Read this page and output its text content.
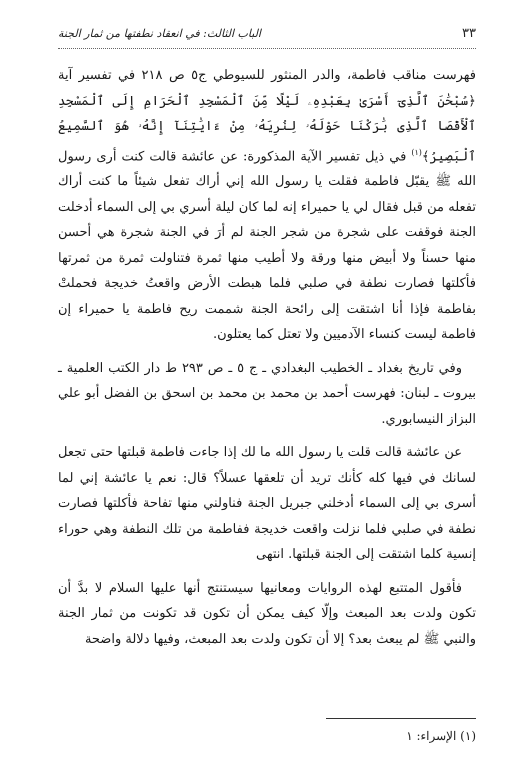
٣٣
الباب الثالث: في انعقاد نطفتها من ثمار الجنة

فهرست مناقب فاطمة، والدر المنثور للسيوطي ج٥ ص ٢١٨ في تفسير آية ﴿سُبْحَٰنَ ٱلَّذِىٓ أَسْرَىٰ بِعَبْدِهِۦ لَيْلًا مِّنَ ٱلْمَسْجِدِ ٱلْحَرَامِ إِلَى ٱلْمَسْجِدِ ٱلْأَقْصَا ٱلَّذِى بَٰرَكْنَا حَوْلَهُۥ لِنُرِيَهُۥ مِنْ ءَايَٰتِنَآ إِنَّهُۥ هُوَ ٱلسَّمِيعُ ٱلْبَصِيرُ﴾$^{(١)}$ في ذيل تفسير الآية المذكورة: عن عائشة قالت كنت أرى رسول الله ﷺ يقبّل فاطمة فقلت يا رسول الله إني أراك تفعل شيئاً ما كنت أراك تفعله من قبل فقال لي يا حميراء إنه لما كان ليلة أسري بي إلى السماء أدخلت الجنة فوقفت على شجرة من شجر الجنة لم أرَ في الجنة شجرة هي أحسن منها حسناً ولا أبيض منها ورقة ولا أطيب منها ثمرة فتناولت ثمرة من ثمرتها فأكلتها فصارت نطفة في صلبي فلما هبطت الأرض واقعتُ خديجة فحملتْ بفاطمة فإذا أنا اشتقت إلى رائحة الجنة شممت ريح فاطمة يا حميراء إن فاطمة ليست كنساء الآدميين ولا تعتل كما يعتلون.

وفي تاريخ بغداد ـ الخطيب البغدادي ـ ج ٥ ـ ص ٢٩٣ ط دار الكتب العلمية ـ بيروت ـ لبنان: فهرست أحمد بن محمد بن محمد بن اسحق بن الفضل أبو علي البزاز النيسابوري.

عن عائشة قالت قلت يا رسول الله ما لك إذا جاءت فاطمة قبلتها حتى تجعل لسانك في فيها كله كأنك تريد أن تلعقها عسلاً؟ قال: نعم يا عائشة إني لما أسرى بي إلى السماء أدخلني جبريل الجنة فناولني منها تفاحة فأكلتها فصارت نطفة في صلبي فلما نزلت واقعت خديجة ففاطمة من تلك النطفة وهي حوراء إنسية كلما اشتقت إلى الجنة قبلتها. انتهى

فأقول المتتبع لهذه الروايات ومعانيها سيستنتج أنها عليها السلام لا بدَّ أن تكون ولدت بعد المبعث وإلّا كيف يمكن أن تكون قد تكونت من ثمار الجنة والنبي ﷺ لم يبعث بعد؟ إلا أن تكون ولدت بعد المبعث، وفيها دلالة واضحة

(١) الإسراء: ١
